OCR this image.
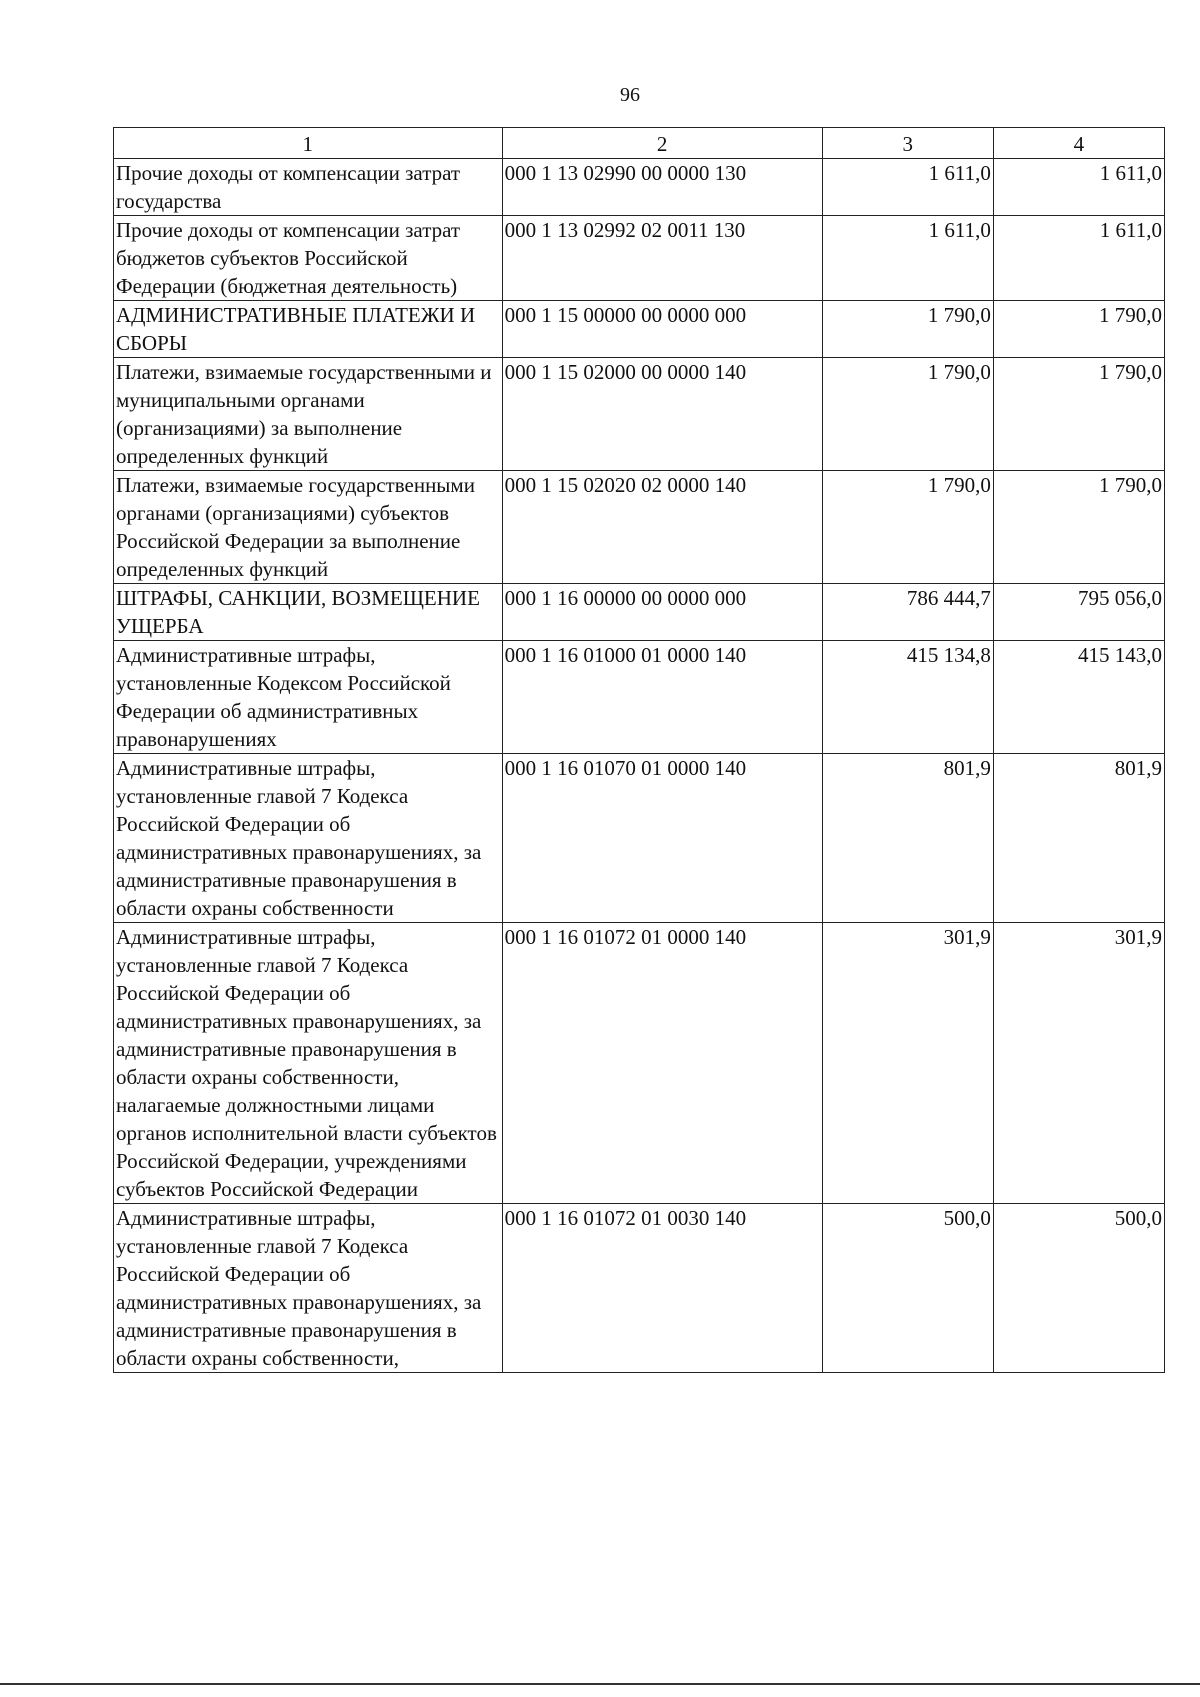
96
1	2	3	4
Прочие доходы от компенсации затрат государства	000 1 13 02990 00 0000 130	1 611,0	1 611,0
Прочие доходы от компенсации затрат бюджетов субъектов Российской Федерации (бюджетная деятельность)	000 1 13 02992 02 0011 130	1 611,0	1 611,0
АДМИНИСТРАТИВНЫЕ ПЛАТЕЖИ И СБОРЫ	000 1 15 00000 00 0000 000	1 790,0	1 790,0
Платежи, взимаемые государственными и муниципальными органами (организациями) за выполнение определенных функций	000 1 15 02000 00 0000 140	1 790,0	1 790,0
Платежи, взимаемые государственными органами (организациями) субъектов Российской Федерации за выполнение определенных функций	000 1 15 02020 02 0000 140	1 790,0	1 790,0
ШТРАФЫ, САНКЦИИ, ВОЗМЕЩЕНИЕ УЩЕРБА	000 1 16 00000 00 0000 000	786 444,7	795 056,0
Административные штрафы, установленные Кодексом Российской Федерации об административных правонарушениях	000 1 16 01000 01 0000 140	415 134,8	415 143,0
Административные штрафы, установленные главой 7 Кодекса Российской Федерации об административных правонарушениях, за административные правонарушения в области охраны собственности	000 1 16 01070 01 0000 140	801,9	801,9
Административные штрафы, установленные главой 7 Кодекса Российской Федерации об административных правонарушениях, за административные правонарушения в области охраны собственности, налагаемые должностными лицами органов исполнительной власти субъектов Российской Федерации, учреждениями субъектов Российской Федерации	000 1 16 01072 01 0000 140	301,9	301,9
Административные штрафы, установленные главой 7 Кодекса Российской Федерации об административных правонарушениях, за административные правонарушения в области охраны собственности,	000 1 16 01072 01 0030 140	500,0	500,0
